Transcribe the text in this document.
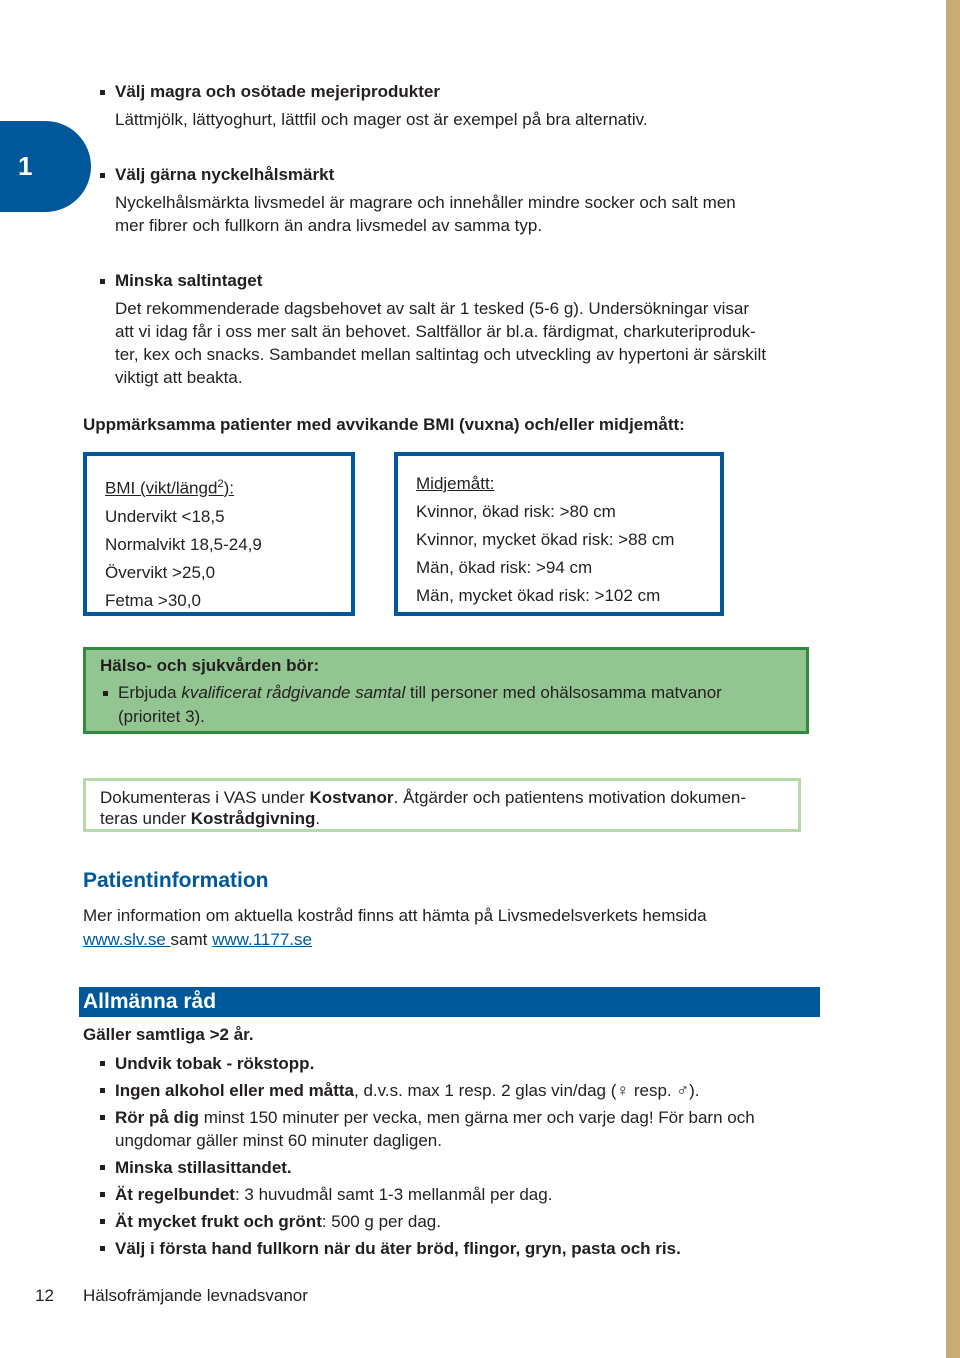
1
Välj magra och osötade mejeriprodukter
Lättmjölk, lättyoghurt, lättfil och mager ost är exempel på bra alternativ.
Välj gärna nyckelhålsmärkt
Nyckelhålsmärkta livsmedel är magrare och innehåller mindre socker och salt men
mer fibrer och fullkorn än andra livsmedel av samma typ.
Minska saltintaget
Det rekommenderade dagsbehovet av salt är 1 tesked (5-6 g). Undersökningar visar
att vi idag får i oss mer salt än behovet. Saltfällor är bl.a. färdigmat, charkuteriproduk-
ter, kex och snacks. Sambandet mellan saltintag och utveckling av hypertoni är särskilt
viktigt att beakta.
Uppmärksamma patienter med avvikande BMI (vuxna) och/eller midjemått:
BMI (vikt/längd$^2$):
Undervikt <18,5
Normalvikt 18,5-24,9
Övervikt >25,0
Fetma >30,0
Midjemått:
Kvinnor, ökad risk: >80 cm
Kvinnor, mycket ökad risk: >88 cm
Män, ökad risk: >94 cm
Män, mycket ökad risk: >102 cm
Hälso- och sjukvården bör:
Erbjuda kvalificerat rådgivande samtal till personer med ohälsosamma matvanor
(prioritet 3).
Dokumenteras i VAS under Kostvanor. Åtgärder och patientens motivation dokumen-
teras under Kostrådgivning.
Patientinformation
Mer information om aktuella kostråd finns att hämta på Livsmedelsverkets hemsida
www.slv.se samt www.1177.se
Allmänna råd
Gäller samtliga >2 år.
Undvik tobak - rökstopp.
Ingen alkohol eller med måtta, d.v.s. max 1 resp. 2 glas vin/dag (♀ resp. ♂).
Rör på dig minst 150 minuter per vecka, men gärna mer och varje dag! För barn och
ungdomar gäller minst 60 minuter dagligen.
Minska stillasittandet.
Ät regelbundet: 3 huvudmål samt 1-3 mellanmål per dag.
Ät mycket frukt och grönt: 500 g per dag.
Välj i första hand fullkorn när du äter bröd, flingor, gryn, pasta och ris.
12 Hälsofrämjande levnadsvanor
